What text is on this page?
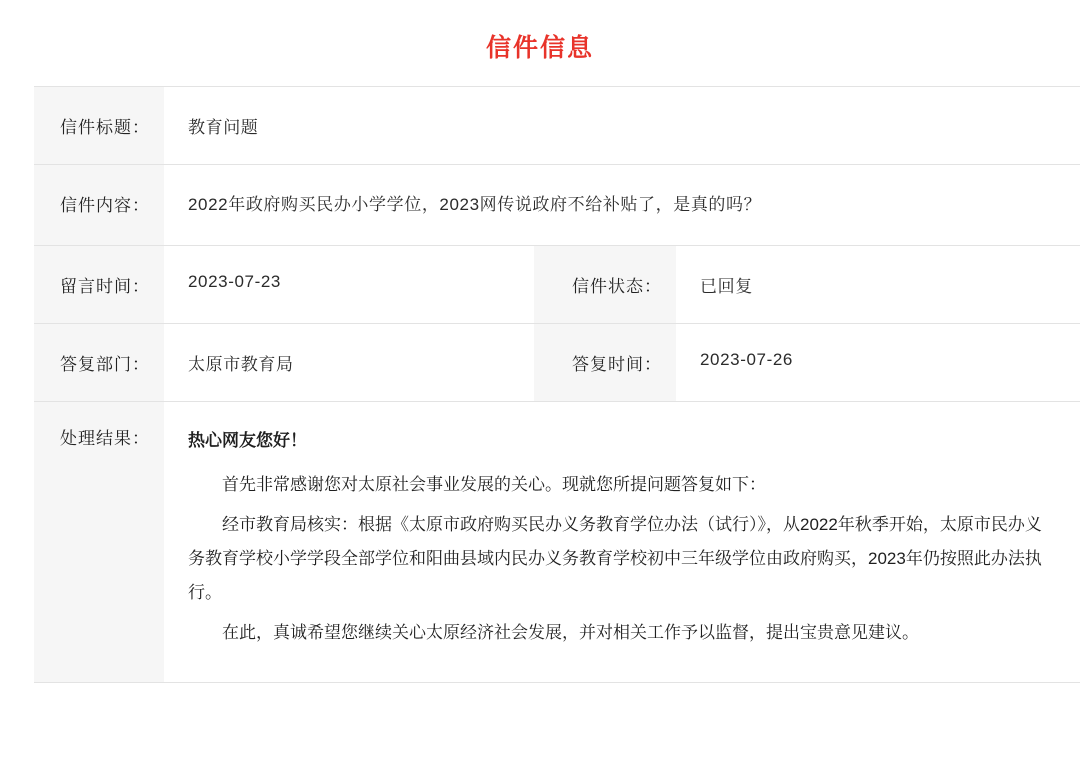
信件信息
信件标题：	教育问题		
信件内容：	2022年政府购买民办小学学位，2023网传说政府不给补贴了，是真的吗？		
留言时间：	2023-07-23	信件状态：	已回复
答复部门：	太原市教育局	答复时间：	2023-07-26
处理结果：	热心网友您好！

首先非常感谢您对太原社会事业发展的关心。现就您所提问题答复如下：

经市教育局核实：根据《太原市政府购买民办义务教育学位办法（试行）》，从2022年秋季开始，太原市民办义务教育学校小学学段全部学位和阳曲县域内民办义务教育学校初中三年级学位由政府购买，2023年仍按照此办法执行。

在此，真诚希望您继续关心太原经济社会发展，并对相关工作予以监督，提出宝贵意见建议。		
